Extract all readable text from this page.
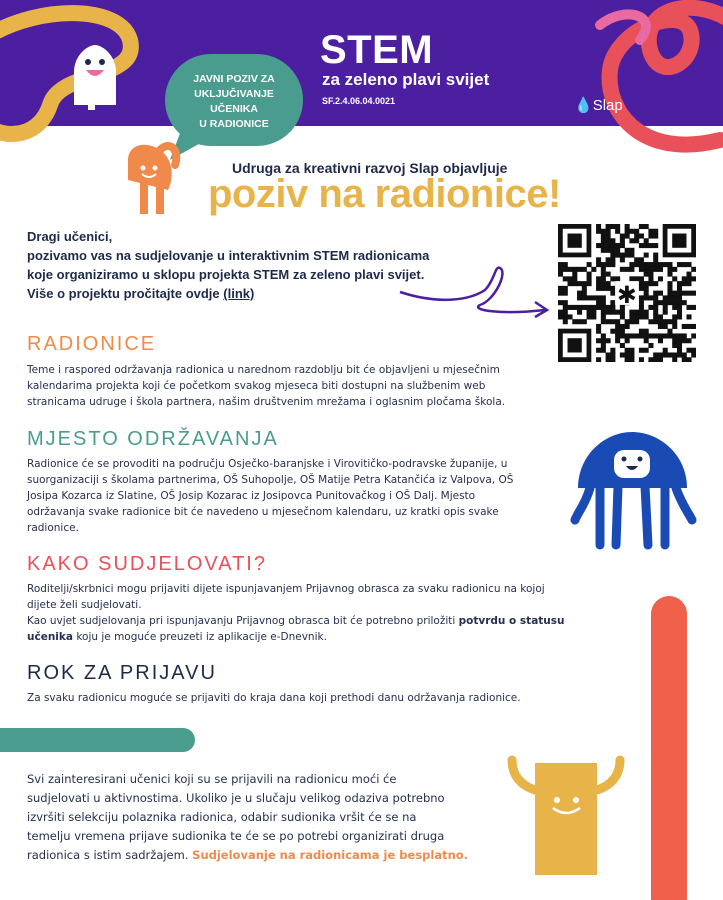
STEM
za zeleno plavi svijet
SF.2.4.06.04.0021	💧Slap
JAVNI POZIV ZA
UKLJUČIVANJE
UČENIKA
U RADIONICE
Udruga za kreativni razvoj Slap objavljuje
poziv na radionice!
Dragi učenici,
pozivamo vas na sudjelovanje u interaktivnim STEM radionicama
koje organiziramo u sklopu projekta STEM za zeleno plavi svijet.
Više o projektu pročitajte ovdje (link)	✱
RADIONICE
Teme i raspored održavanja radionica u narednom razdoblju bit će objavljeni u mjesečnim
kalendarima projekta koji će početkom svakog mjeseca biti dostupni na službenim web
stranicama udruge i škola partnera, našim društvenim mrežama i oglasnim pločama škola.
MJESTO ODRŽAVANJA
Radionice će se provoditi na području Osječko-baranjske i Virovitičko-podravske županije, u
suorganizaciji s školama partnerima, OŠ Suhopolje, OŠ Matije Petra Katančića iz Valpova, OŠ
Josipa Kozarca iz Slatine, OŠ Josip Kozarac iz Josipovca Punitovačkog i OŠ Dalj. Mjesto
održavanja svake radionice bit će navedeno u mjesečnom kalendaru, uz kratki opis svake
radionice.
KAKO SUDJELOVATI?
Roditelji/skrbnici mogu prijaviti dijete ispunjavanjem Prijavnog obrasca za svaku radionicu na kojoj
dijete želi sudjelovati.
Kao uvjet sudjelovanja pri ispunjavanju Prijavnog obrasca bit će potrebno priložiti potvrdu o statusu
učenika koju je moguće preuzeti iz aplikacije e-Dnevnik.
ROK ZA PRIJAVU
Za svaku radionicu moguće se prijaviti do kraja dana koji prethodi danu održavanja radionice.
Svi zainteresirani učenici koji su se prijavili na radionicu moći će
sudjelovati u aktivnostima. Ukoliko je u slučaju velikog odaziva potrebno
izvršiti selekciju polaznika radionica, odabir sudionika vršit će se na
temelju vremena prijave sudionika te će se po potrebi organizirati druga
radionica s istim sadržajem. Sudjelovanje na radionicama je besplatno.
